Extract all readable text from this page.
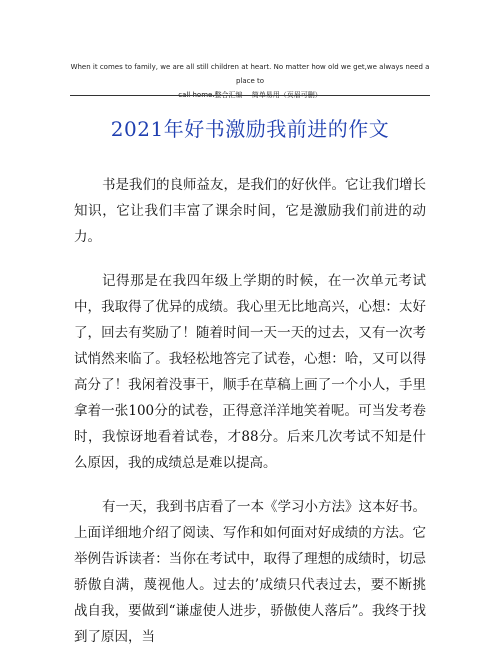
When it comes to family, we are all still children at heart. No matter how old we get,we always need a place to
call home.整合汇编　 简单易用（页眉可删）
2021年好书激励我前进的作文

书是我们的良师益友，是我们的好伙伴。它让我们增长知识，它让我们丰富了课余时间，它是激励我们前进的动力。

记得那是在我四年级上学期的时候，在一次单元考试中，我取得了优异的成绩。我心里无比地高兴，心想：太好了，回去有奖励了！随着时间一天一天的过去，又有一次考试悄然来临了。我轻松地答完了试卷，心想：哈，又可以得高分了！我闲着没事干，顺手在草稿上画了一个小人，手里拿着一张100分的试卷，正得意洋洋地笑着呢。可当发考卷时，我惊讶地看着试卷，才88分。后来几次考试不知是什么原因，我的成绩总是难以提高。

有一天，我到书店看了一本《学习小方法》这本好书。上面详细地介绍了阅读、写作和如何面对好成绩的方法。它举例告诉读者：当你在考试中，取得了理想的成绩时，切忌骄傲自满，蔑视他人。过去的’成绩只代表过去，要不断挑战自我，要做到“谦虚使人进步，骄傲使人落后”。我终于找到了原因，当
